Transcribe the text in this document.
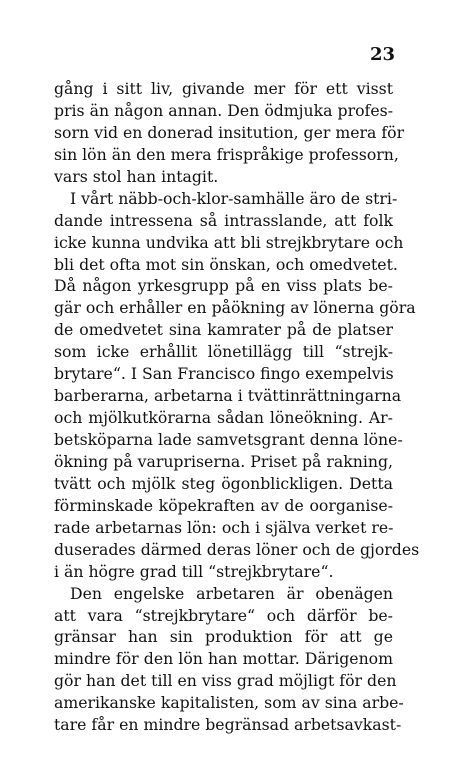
23
gång i sitt liv, givande mer för ett visst
pris än någon annan. Den ödmjuka profes-
sorn vid en donerad insitution, ger mera för
sin lön än den mera frispråkige professorn,
vars stol han intagit.
I vårt näbb-och-klor-samhälle äro de stri-
dande intressena så intrasslande, att folk
icke kunna undvika att bli strejkbrytare och
bli det ofta mot sin önskan, och omedvetet.
Då någon yrkesgrupp på en viss plats be-
gär och erhåller en påökning av lönerna göra
de omedvetet sina kamrater på de platser
som icke erhållit lönetillägg till “strejk-
brytare“. I San Francisco fingo exempelvis
barberarna, arbetarna i tvättinrättningarna
och mjölkutkörarna sådan löneökning. Ar-
betsköparna lade samvetsgrant denna löne-
ökning på varupriserna. Priset på rakning,
tvätt och mjölk steg ögonblickligen. Detta
förminskade köpekraften av de oorganise-
rade arbetarnas lön: och i själva verket re-
duserades därmed deras löner och de gjordes
i än högre grad till “strejkbrytare“.
Den engelske arbetaren är obenägen
att vara “strejkbrytare“ och därför be-
gränsar han sin produktion för att ge
mindre för den lön han mottar. Därigenom
gör han det till en viss grad möjligt för den
amerikanske kapitalisten, som av sina arbe-
tare får en mindre begränsad arbetsavkast-
